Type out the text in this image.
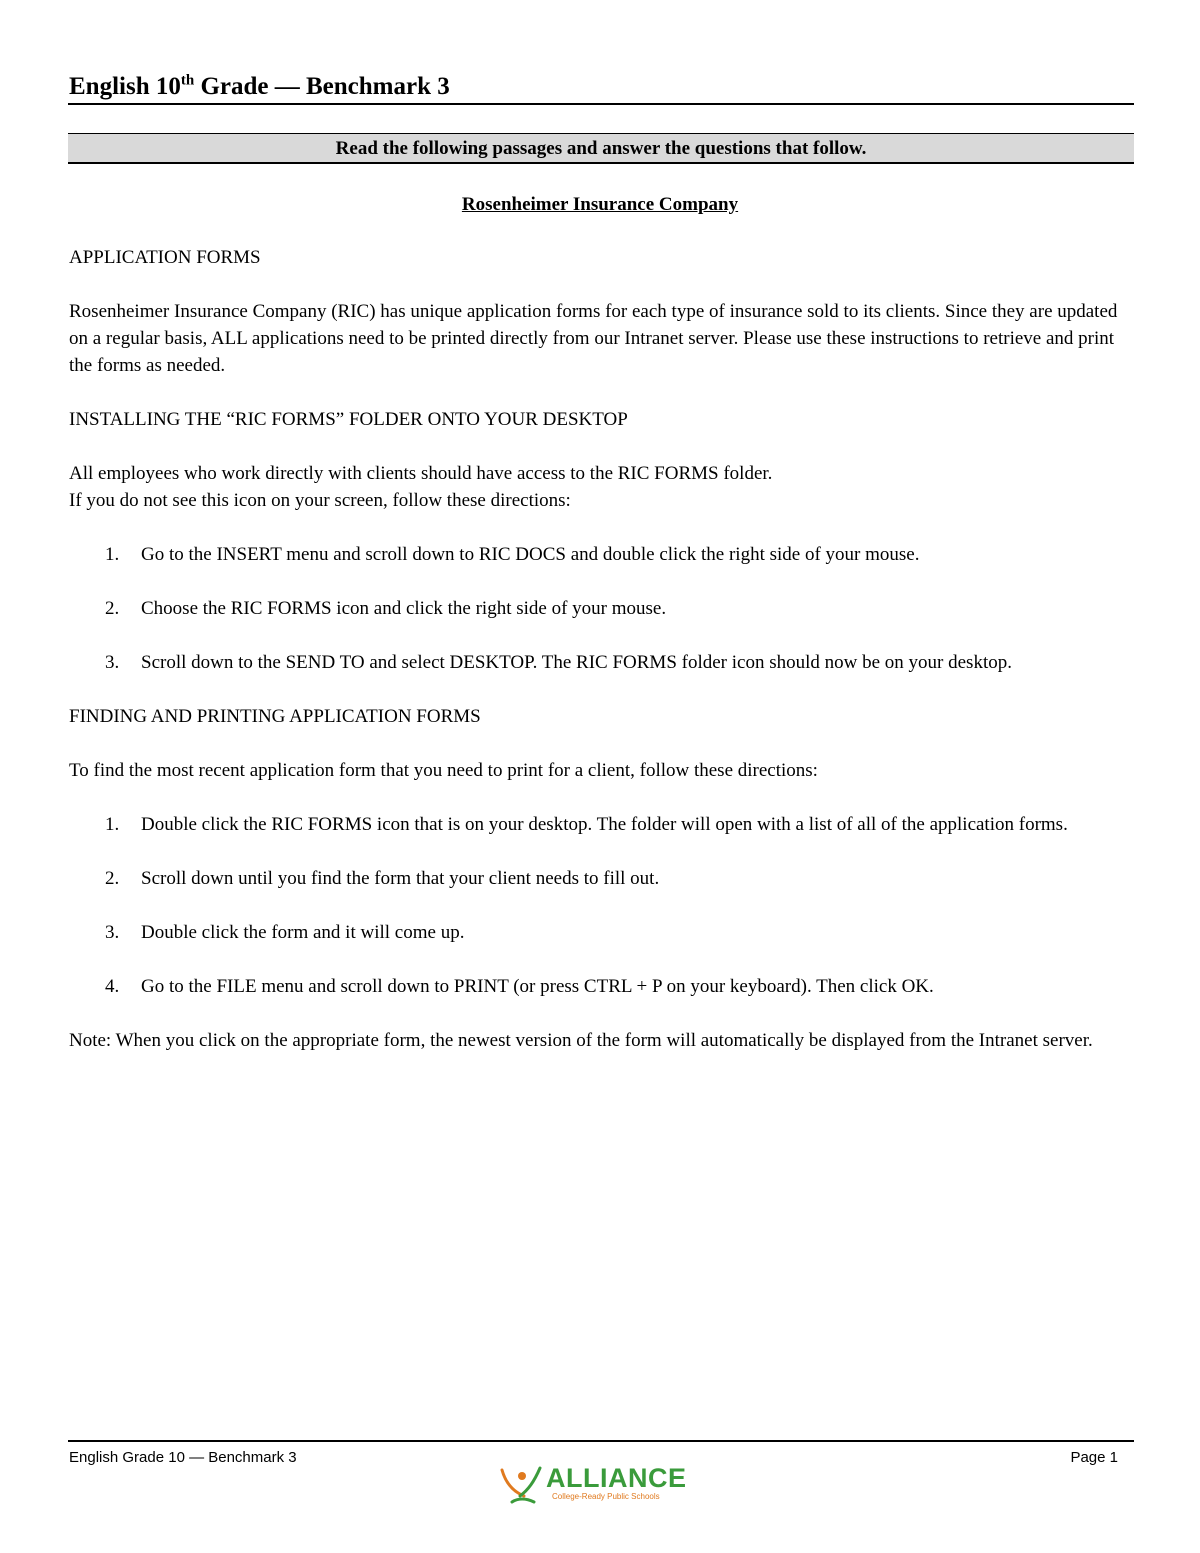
English 10th Grade — Benchmark 3
Read the following passages and answer the questions that follow.
Rosenheimer Insurance Company

APPLICATION FORMS

Rosenheimer Insurance Company (RIC) has unique application forms for each type of insurance sold to its clients. Since they are updated on a regular basis, ALL applications need to be printed directly from our Intranet server. Please use these instructions to retrieve and print the forms as needed.

INSTALLING THE “RIC FORMS” FOLDER ONTO YOUR DESKTOP

All employees who work directly with clients should have access to the RIC FORMS folder.

If you do not see this icon on your screen, follow these directions:

1. Go to the INSERT menu and scroll down to RIC DOCS and double click the right side of your mouse.
2. Choose the RIC FORMS icon and click the right side of your mouse.
3. Scroll down to the SEND TO and select DESKTOP. The RIC FORMS folder icon should now be on your desktop.

FINDING AND PRINTING APPLICATION FORMS

To find the most recent application form that you need to print for a client, follow these directions:

1. Double click the RIC FORMS icon that is on your desktop. The folder will open with a list of all of the application forms.
2. Scroll down until you find the form that your client needs to fill out.
3. Double click the form and it will come up.
4. Go to the FILE menu and scroll down to PRINT (or press CTRL + P on your keyboard). Then click OK.

Note: When you click on the appropriate form, the newest version of the form will automatically be displayed from the Intranet server.

English Grade 10 — Benchmark 3	Page 1
ALLIANCE
College-Ready Public Schools
